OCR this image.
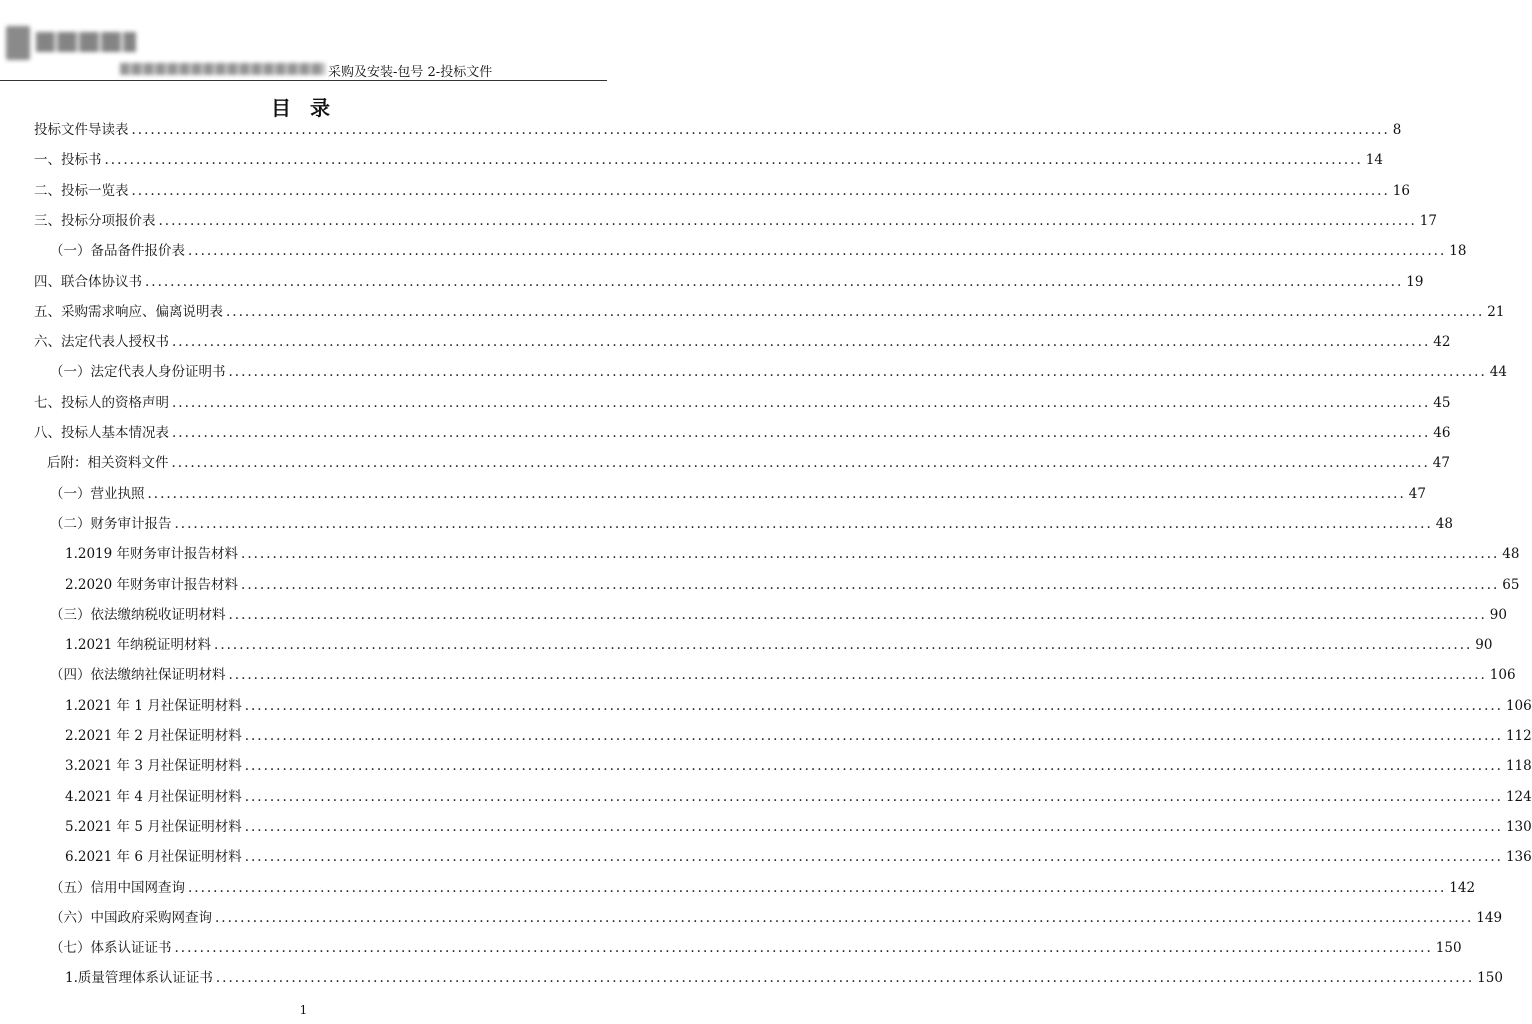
采购及安装-包号 2-投标文件
目 录
投标文件导读表 ........................................................................................................................................................................................................ 8
一、投标书 ........................................................................................................................................................................................................ 14
二、投标一览表 ........................................................................................................................................................................................................ 16
三、投标分项报价表 ........................................................................................................................................................................................................ 17
（一）备品备件报价表 ........................................................................................................................................................................................................ 18
四、联合体协议书 ........................................................................................................................................................................................................ 19
五、采购需求响应、偏离说明表 ........................................................................................................................................................................................................ 21
六、法定代表人授权书 ........................................................................................................................................................................................................ 42
（一）法定代表人身份证明书 ........................................................................................................................................................................................................ 44
七、投标人的资格声明 ........................................................................................................................................................................................................ 45
八、投标人基本情况表 ........................................................................................................................................................................................................ 46
后附：相关资料文件 ........................................................................................................................................................................................................ 47
（一）营业执照 ........................................................................................................................................................................................................ 47
（二）财务审计报告 ........................................................................................................................................................................................................ 48
1.2019 年财务审计报告材料 ........................................................................................................................................................................................................ 48
2.2020 年财务审计报告材料 ........................................................................................................................................................................................................ 65
（三）依法缴纳税收证明材料 ........................................................................................................................................................................................................ 90
1.2021 年纳税证明材料 ........................................................................................................................................................................................................ 90
（四）依法缴纳社保证明材料 ........................................................................................................................................................................................................ 106
1.2021 年 1 月社保证明材料 ........................................................................................................................................................................................................ 106
2.2021 年 2 月社保证明材料 ........................................................................................................................................................................................................ 112
3.2021 年 3 月社保证明材料 ........................................................................................................................................................................................................ 118
4.2021 年 4 月社保证明材料 ........................................................................................................................................................................................................ 124
5.2021 年 5 月社保证明材料 ........................................................................................................................................................................................................ 130
6.2021 年 6 月社保证明材料 ........................................................................................................................................................................................................ 136
（五）信用中国网查询 ........................................................................................................................................................................................................ 142
（六）中国政府采购网查询 ........................................................................................................................................................................................................ 149
（七）体系认证证书 ........................................................................................................................................................................................................ 150
1.质量管理体系认证证书 ........................................................................................................................................................................................................ 150
1
